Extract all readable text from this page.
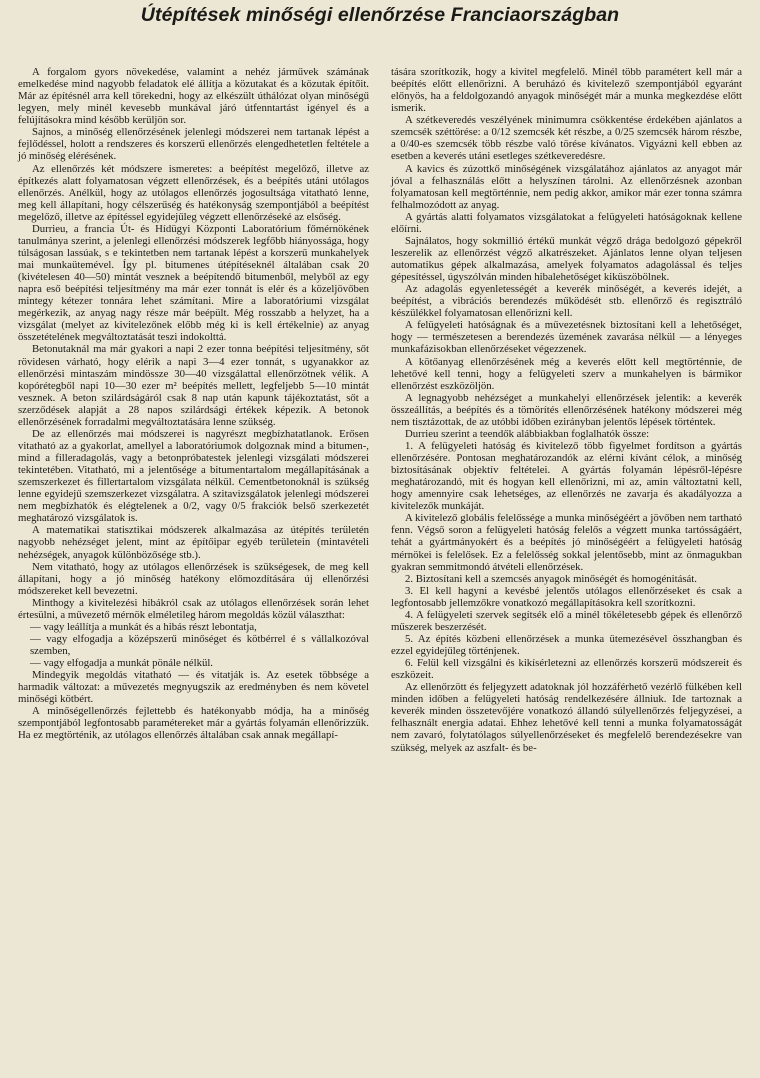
Útépítések minőségi ellenőrzése Franciaországban

A forgalom gyors növekedése, valamint a nehéz járművek számának emelkedése mind nagyobb feladatok elé állítja a közutakat és a közutak építőit. Már az építésnél arra kell törekedni, hogy az elkészült úthálózat olyan minőségű legyen, mely minél kevesebb munkával járó útfenntartást igényel és a felújításokra mind később kerüljön sor.

Sajnos, a minőség ellenőrzésének jelenlegi módszerei nem tartanak lépést a fejlődéssel, holott a rendszeres és korszerű ellenőrzés elengedhetetlen feltétele a jó minőség elérésének.

Az ellenőrzés két módszere ismeretes: a beépítést megelőző, illetve az építkezés alatt folyamatosan végzett ellenőrzések, és a beépítés utáni utólagos ellenőrzés. Anélkül, hogy az utólagos ellenőrzés jogosultsága vitatható lenne, meg kell állapítani, hogy célszerűség és hatékonyság szempontjából a beépítést megelőző, illetve az építéssel egyidejűleg végzett ellenőrzéseké az elsőség.

Durrieu, a francia Út- és Hídügyi Központi Laboratórium főmérnökének tanulmánya szerint, a jelenlegi ellenőrzési módszerek legfőbb hiányossága, hogy túlságosan lassúak, s e tekintetben nem tartanak lépést a korszerű munkahelyek mai munkaütemével. Így pl. bitumenes útépítéseknél általában csak 20 (kivételesen 40—50) mintát vesznek a beépítendő bitumenből, melyből az egy napra eső beépítési teljesítmény ma már ezer tonnát is elér és a közeljövőben mintegy kétezer tonnára lehet számítani. Mire a laboratóriumi vizsgálat megérkezik, az anyag nagy része már beépült. Még rosszabb a helyzet, ha a vizsgálat (melyet az kivitelezőnek előbb még ki is kell értékelnie) az anyag összetételének megváltoztatását teszi indokolttá.

Betonutaknál ma már gyakori a napi 2 ezer tonna beépítési teljesítmény, sőt rövidesen várható, hogy elérik a napi 3—4 ezer tonnát, s ugyanakkor az ellenőrzési mintaszám mindössze 30—40 vizsgálattal ellenőrzötnek vélik. A kopórétegből napi 10—30 ezer m² beépítés mellett, legfeljebb 5—10 mintát vesznek. A beton szilárdságáról csak 8 nap után kapunk tájékoztatást, sőt a szerződések alapját a 28 napos szilárdsági értékek képezik. A betonok ellenőrzésének forradalmi megváltoztatására lenne szükség.

De az ellenőrzés mai módszerei is nagyrészt megbízhatatlanok. Erősen vitatható az a gyakorlat, amellyel a laboratóriumok dolgoznak mind a bitumen-, mind a filleradagolás, vagy a betonpróbatestek jelenlegi vizsgálati módszerei tekintetében. Vitatható, mi a jelentősége a bitumentartalom megállapításának a szemszerkezet és fillertartalom vizsgálata nélkül. Cementbetonoknál is szükség lenne egyidejű szemszerkezet vizsgálatra. A szitavizsgálatok jelenlegi módszerei nem megbízhatók és elégtelenek a 0/2, vagy 0/5 frakciók belső szerkezetét meghatározó vizsgálatok is.

A matematikai statisztikai módszerek alkalmazása az útépítés területén nagyobb nehézséget jelent, mint az építőipar egyéb területein (mintavételi nehézségek, anyagok különbözősége stb.).

Nem vitatható, hogy az utólagos ellenőrzések is szükségesek, de meg kell állapítani, hogy a jó minőség hatékony előmozdítására új ellenőrzési módszereket kell bevezetni.

Minthogy a kivitelezési hibákról csak az utólagos ellenőrzések során lehet értesülni, a művezető mérnök elméletileg három megoldás közül választhat:

— vagy leállítja a munkát és a hibás részt lebontatja,

— vagy elfogadja a középszerű minőséget és kötbérrel é s vállalkozóval szemben,

— vagy elfogadja a munkát pönále nélkül.

Mindegyik megoldás vitatható — és vitatják is. Az esetek többsége a harmadik változat: a művezetés megnyugszik az eredményben és nem követel minőségi kötbért.

A minőségellenőrzés fejlettebb és hatékonyabb módja, ha a minőség szempontjából legfontosabb paramétereket már a gyártás folyamán ellenőrizzük. Ha ez megtörténik, az utólagos ellenőrzés általában csak annak megállapí-

tására szorítkozik, hogy a kivitel megfelelő. Minél több paramétert kell már a beépítés előtt ellenőrizni. A beruházó és kivitelező szempontjából egyaránt előnyös, ha a feldolgozandó anyagok minőségét már a munka megkezdése előtt ismerik.

A szétkeveredés veszélyének minimumra csökkentése érdekében ajánlatos a szemcsék széttörése: a 0/12 szemcsék két részbe, a 0/25 szemcsék három részbe, a 0/40-es szemcsék több részbe való törése kívánatos. Vigyázni kell ebben az esetben a keverés utáni esetleges szétkeveredésre.

A kavics és zúzottkő minőségének vizsgálatához ajánlatos az anyagot már jóval a felhasználás előtt a helyszínen tárolni. Az ellenőrzésnek azonban folyamatosan kell megtörténnie, nem pedig akkor, amikor már ezer tonna számra felhalmozódott az anyag.

A gyártás alatti folyamatos vizsgálatokat a felügyeleti hatóságoknak kellene előírni.

Sajnálatos, hogy sokmillió értékű munkát végző drága bedolgozó gépekről leszerelik az ellenőrzést végző alkatrészeket. Ajánlatos lenne olyan teljesen automatikus gépek alkalmazása, amelyek folyamatos adagolással és teljes gépesítéssel, úgyszólván minden hibalehetőséget kiküszöbölnek.

Az adagolás egyenletességét a keverék minőségét, a keverés idejét, a beépítést, a vibrációs berendezés működését stb. ellenőrző és regisztráló készülékkel folyamatosan ellenőrizni kell.

A felügyeleti hatóságnak és a művezetésnek biztosítani kell a lehetőséget, hogy — természetesen a berendezés üzemének zavarása nélkül — a lényeges munkafázisokban ellenőrzéseket végezzenek.

A kötőanyag ellenőrzésének még a keverés előtt kell megtörténnie, de lehetővé kell tenni, hogy a felügyeleti szerv a munkahelyen is bármikor ellenőrzést eszközöljön.

A legnagyobb nehézséget a munkahelyi ellenőrzések jelentik: a keverék összeállítás, a beépítés és a tömörítés ellenőrzésének hatékony módszerei még nem tisztázottak, de az utóbbi időben ezirányban jelentős lépések történtek.

Durrieu szerint a teendők alábbiakban foglalhatók össze:

1. A felügyeleti hatóság és kivitelező több figyelmet fordítson a gyártás ellenőrzésére. Pontosan meghatározandók az elérni kívánt célok, a minőség biztosításának objektív feltételei. A gyártás folyamán lépésről-lépésre meghatározandó, mit és hogyan kell ellenőrizni, mi az, amin változtatni kell, hogy amennyire csak lehetséges, az ellenőrzés ne zavarja és akadályozza a kivitelezők munkáját.

A kivitelező globális felelőssége a munka minőségéért a jövőben nem tartható fenn. Végső soron a felügyeleti hatóság felelős a végzett munka tartósságáért, tehát a gyártmányokért és a beépítés jó minőségéért a felügyeleti hatóság mérnökei is felelősek. Ez a felelősség sokkal jelentősebb, mint az önmagukban gyakran semmitmondó átvételi ellenőrzések.

2. Biztosítani kell a szemcsés anyagok minőségét és homogénitását.

3. El kell hagyni a kevésbé jelentős utólagos ellenőrzéseket és csak a legfontosabb jellemzőkre vonatkozó megállapításokra kell szorítkozni.

4. A felügyeleti szervek segítsék elő a minél tökéletesebb gépek és ellenőrző műszerek beszerzését.

5. Az építés közbeni ellenőrzések a munka ütemezésével összhangban és ezzel egyidejűleg történjenek.

6. Felül kell vizsgálni és kikísérletezni az ellenőrzés korszerű módszereit és eszközeit.

Az ellenőrzött és feljegyzett adatoknak jól hozzáférhető vezérlő fülkében kell minden időben a felügyeleti hatóság rendelkezésére állniuk. Ide tartoznak a keverék minden összetevőjére vonatkozó állandó súlyellenőrzés feljegyzései, a felhasznált energia adatai. Ehhez lehetővé kell tenni a munka folyamatosságát nem zavaró, folytatólagos súlyellenőrzéseket és megfelelő berendezésekre van szükség, melyek az aszfalt- és be-
